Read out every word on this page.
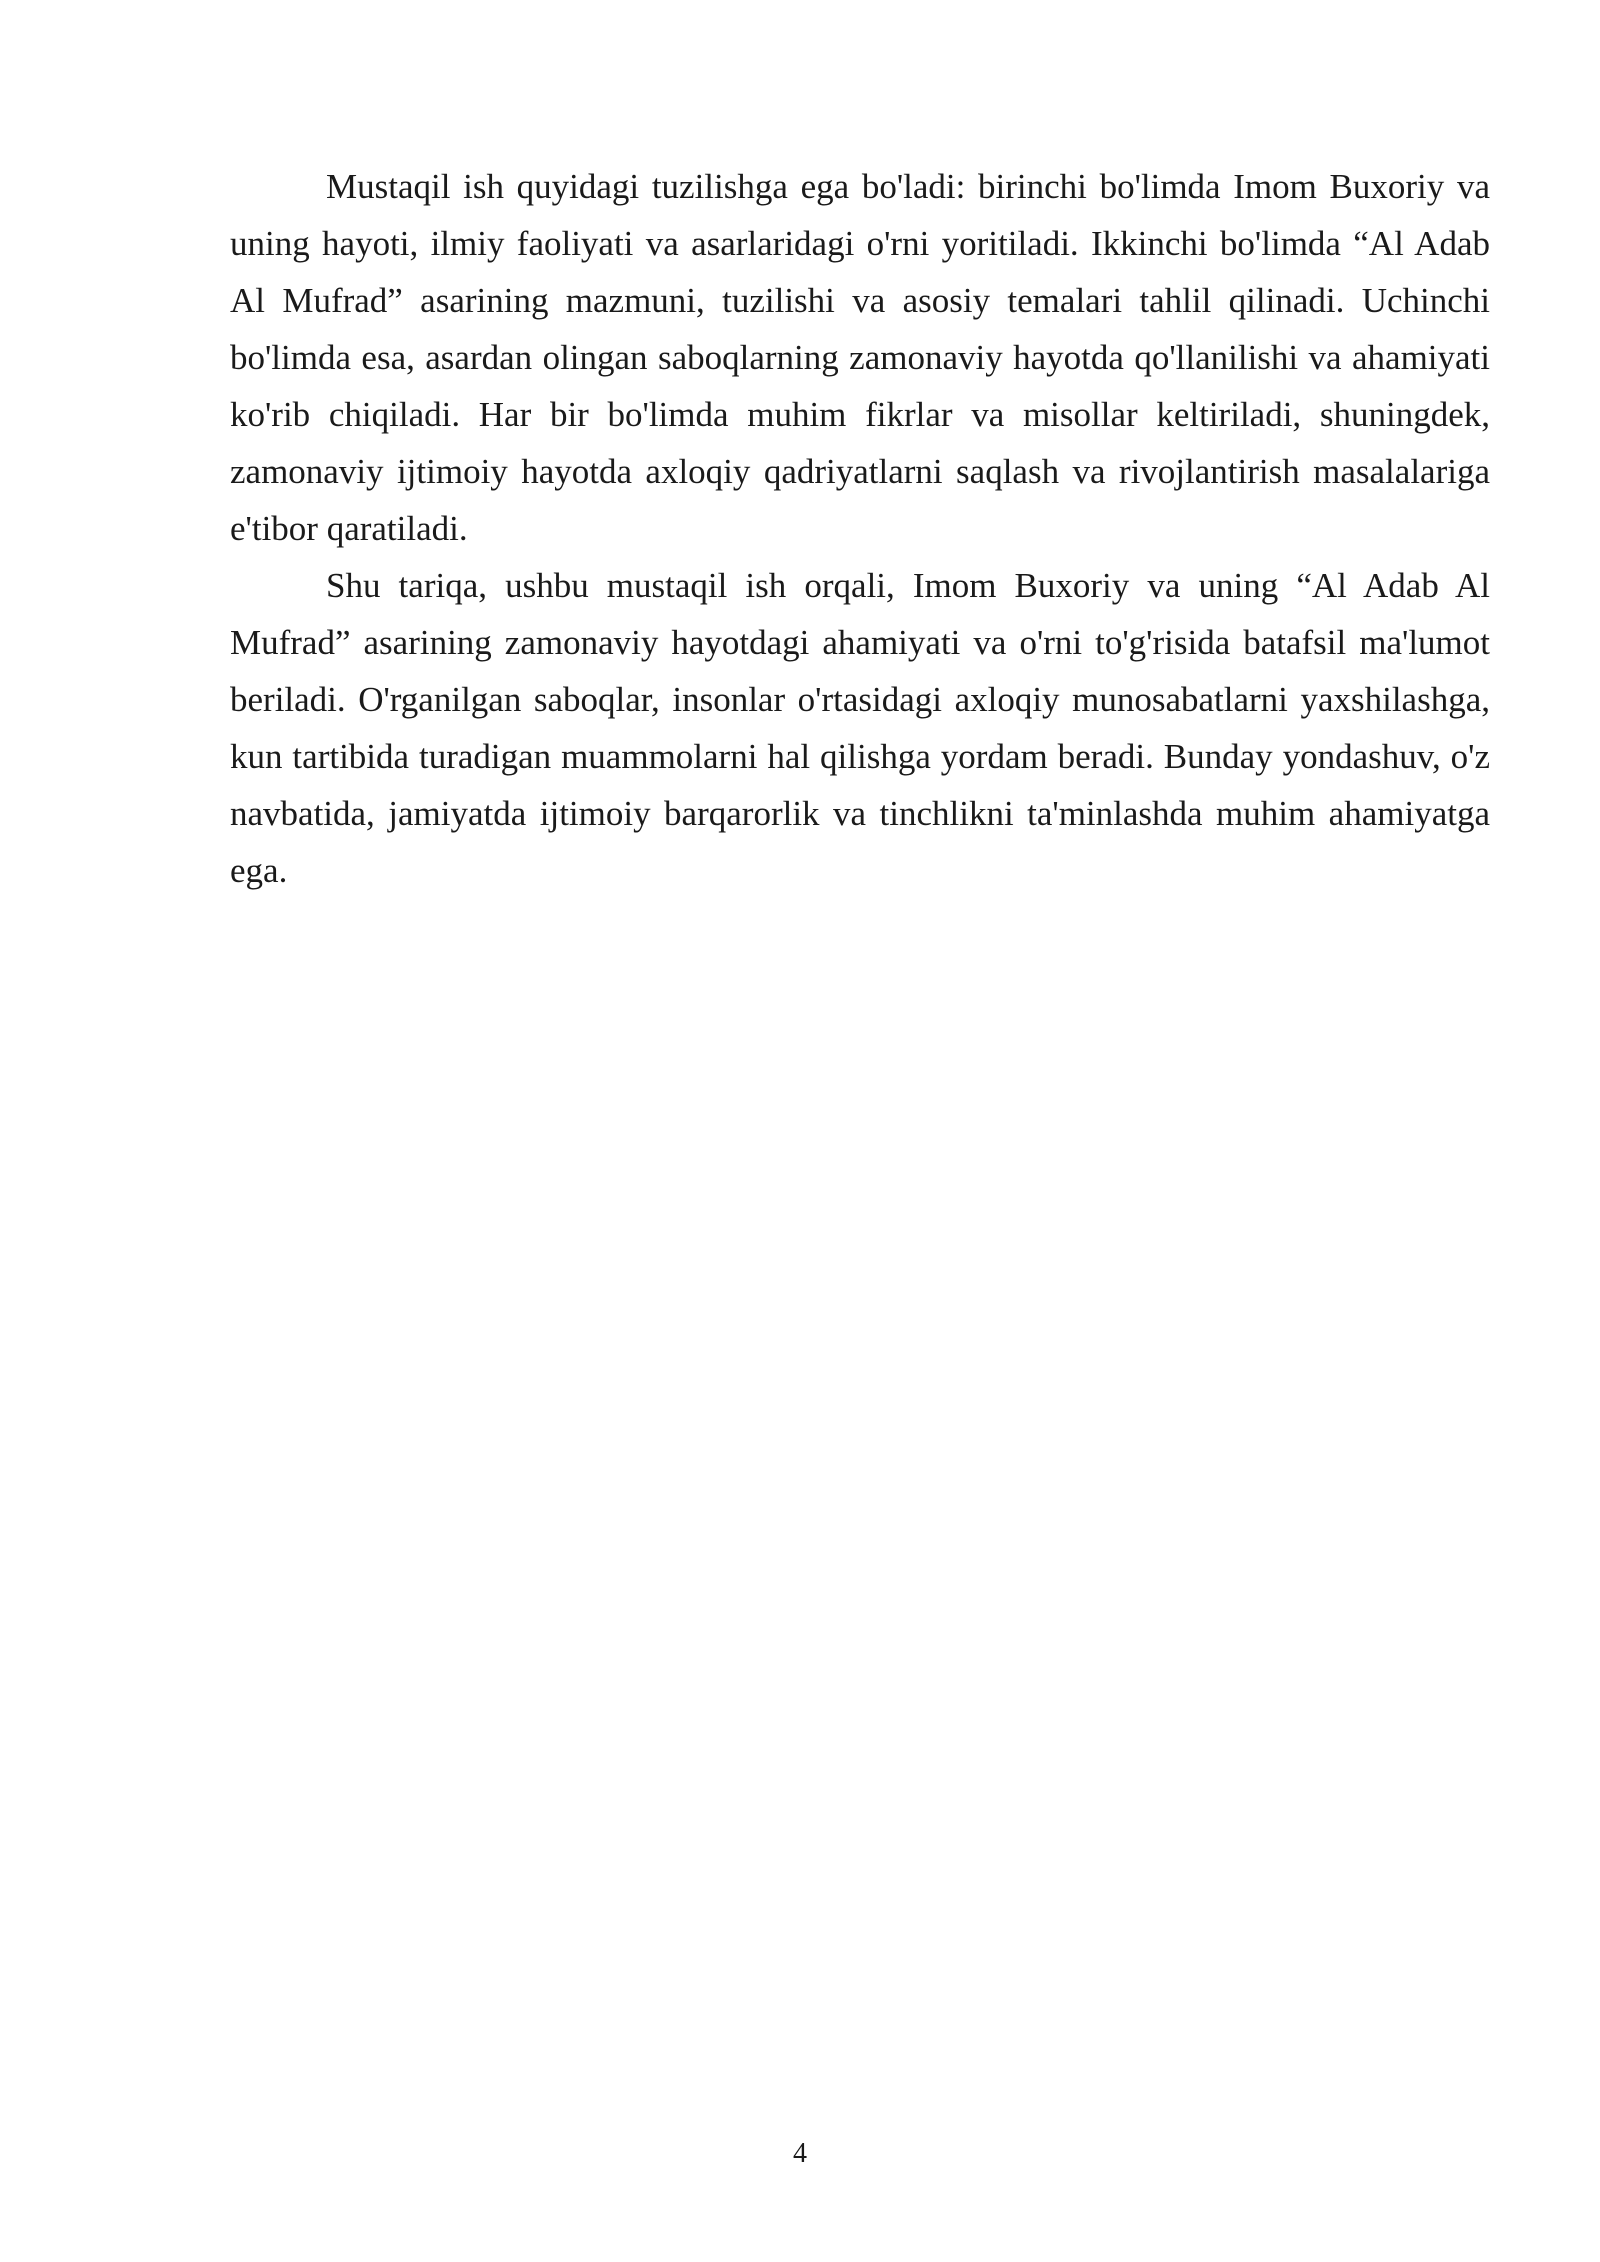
Mustaqil ish quyidagi tuzilishga ega bo'ladi: birinchi bo'limda Imom Buxoriy va uning hayoti, ilmiy faoliyati va asarlaridagi o'rni yoritiladi. Ikkinchi bo'limda “Al Adab Al Mufrad” asarining mazmuni, tuzilishi va asosiy temalari tahlil qilinadi. Uchinchi bo'limda esa, asardan olingan saboqlarning zamonaviy hayotda qo'llanilishi va ahamiyati ko'rib chiqiladi. Har bir bo'limda muhim fikrlar va misollar keltiriladi, shuningdek, zamonaviy ijtimoiy hayotda axloqiy qadriyatlarni saqlash va rivojlantirish masalalariga e'tibor qaratiladi.

Shu tariqa, ushbu mustaqil ish orqali, Imom Buxoriy va uning “Al Adab Al Mufrad” asarining zamonaviy hayotdagi ahamiyati va o'rni to'g'risida batafsil ma'lumot beriladi. O'rganilgan saboqlar, insonlar o'rtasidagi axloqiy munosabatlarni yaxshilashga, kun tartibida turadigan muammolarni hal qilishga yordam beradi. Bunday yondashuv, o'z navbatida, jamiyatda ijtimoiy barqarorlik va tinchlikni ta'minlashda muhim ahamiyatga ega.

4
